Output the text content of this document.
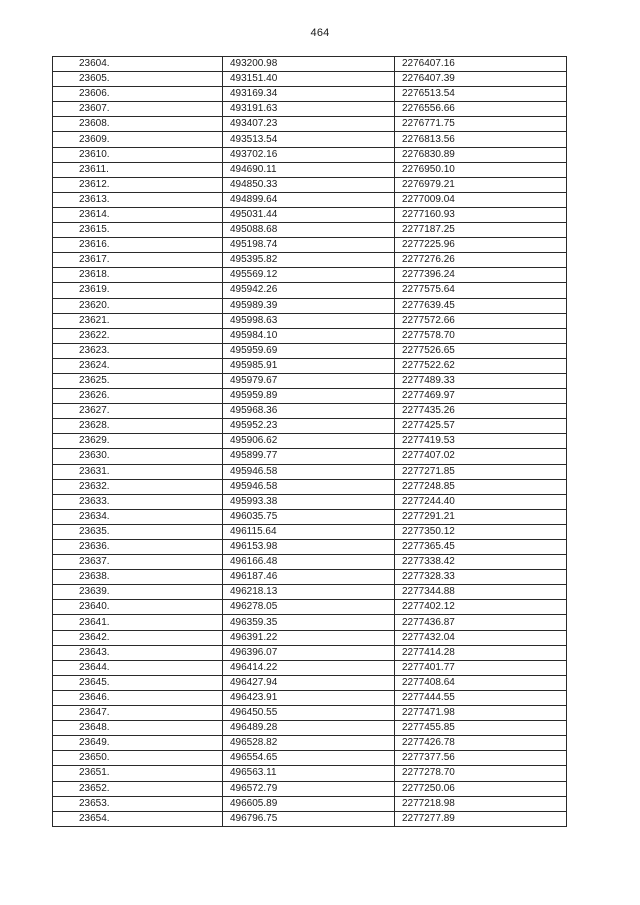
464
23604.	493200.98	2276407.16
23605.	493151.40	2276407.39
23606.	493169.34	2276513.54
23607.	493191.63	2276556.66
23608.	493407.23	2276771.75
23609.	493513.54	2276813.56
23610.	493702.16	2276830.89
23611.	494690.11	2276950.10
23612.	494850.33	2276979.21
23613.	494899.64	2277009.04
23614.	495031.44	2277160.93
23615.	495088.68	2277187.25
23616.	495198.74	2277225.96
23617.	495395.82	2277276.26
23618.	495569.12	2277396.24
23619.	495942.26	2277575.64
23620.	495989.39	2277639.45
23621.	495998.63	2277572.66
23622.	495984.10	2277578.70
23623.	495959.69	2277526.65
23624.	495985.91	2277522.62
23625.	495979.67	2277489.33
23626.	495959.89	2277469.97
23627.	495968.36	2277435.26
23628.	495952.23	2277425.57
23629.	495906.62	2277419.53
23630.	495899.77	2277407.02
23631.	495946.58	2277271.85
23632.	495946.58	2277248.85
23633.	495993.38	2277244.40
23634.	496035.75	2277291.21
23635.	496115.64	2277350.12
23636.	496153.98	2277365.45
23637.	496166.48	2277338.42
23638.	496187.46	2277328.33
23639.	496218.13	2277344.88
23640.	496278.05	2277402.12
23641.	496359.35	2277436.87
23642.	496391.22	2277432.04
23643.	496396.07	2277414.28
23644.	496414.22	2277401.77
23645.	496427.94	2277408.64
23646.	496423.91	2277444.55
23647.	496450.55	2277471.98
23648.	496489.28	2277455.85
23649.	496528.82	2277426.78
23650.	496554.65	2277377.56
23651.	496563.11	2277278.70
23652.	496572.79	2277250.06
23653.	496605.89	2277218.98
23654.	496796.75	2277277.89
